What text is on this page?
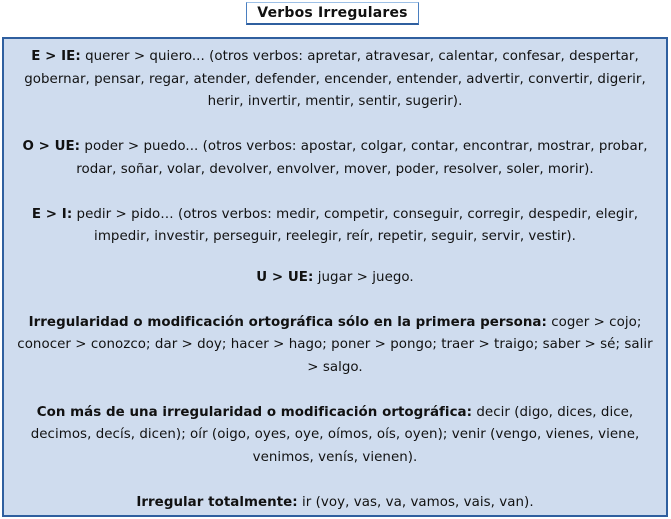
Verbos Irregulares

E > IE: querer > quiero... (otros verbos: apretar, atravesar, calentar, confesar, despertar, gobernar, pensar, regar, atender, defender, encender, entender, advertir, convertir, digerir, herir, invertir, mentir, sentir, sugerir).

O > UE: poder > puedo... (otros verbos: apostar, colgar, contar, encontrar, mostrar, probar, rodar, soñar, volar, devolver, envolver, mover, poder, resolver, soler, morir).

E > I: pedir > pido… (otros verbos: medir, competir, conseguir, corregir, despedir, elegir, impedir, investir, perseguir, reelegir, reír, repetir, seguir, servir, vestir).

U > UE: jugar > juego.

Irregularidad o modificación ortográfica sólo en la primera persona: coger > cojo; conocer > conozco; dar > doy; hacer > hago; poner > pongo; traer > traigo; saber > sé; salir > salgo.

Con más de una irregularidad o modificación ortográfica: decir (digo, dices, dice, decimos, decís, dicen); oír (oigo, oyes, oye, oímos, oís, oyen); venir (vengo, vienes, viene, venimos, venís, vienen).

Irregular totalmente: ir (voy, vas, va, vamos, vais, van).
